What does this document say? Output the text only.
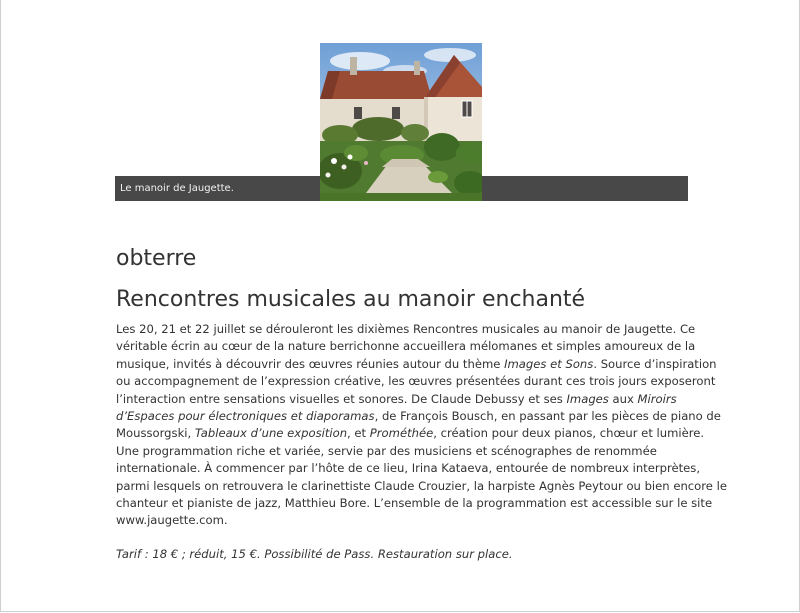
Le manoir de Jaugette.
obterre
Rencontres musicales au manoir enchanté
Les 20, 21 et 22 juillet se dérouleront les dixièmes Rencontres musicales au manoir de Jaugette. Ce
véritable écrin au cœur de la nature berrichonne accueillera mélomanes et simples amoureux de la
musique, invités à découvrir des œuvres réunies autour du thème Images et Sons. Source d’inspiration
ou accompagnement de l’expression créative, les œuvres présentées durant ces trois jours exposeront
l’interaction entre sensations visuelles et sonores. De Claude Debussy et ses Images aux Miroirs
d’Espaces pour électroniques et diaporamas, de François Bousch, en passant par les pièces de piano de
Moussorgski, Tableaux d’une exposition, et Prométhée, création pour deux pianos, chœur et lumière.
Une programmation riche et variée, servie par des musiciens et scénographes de renommée
internationale. À commencer par l’hôte de ce lieu, Irina Kataeva, entourée de nombreux interprètes,
parmi lesquels on retrouvera le clarinettiste Claude Crouzier, la harpiste Agnès Peytour ou bien encore le
chanteur et pianiste de jazz, Matthieu Bore. L’ensemble de la programmation est accessible sur le site
www.jaugette.com.
Tarif : 18 € ; réduit, 15 €. Possibilité de Pass. Restauration sur place.
